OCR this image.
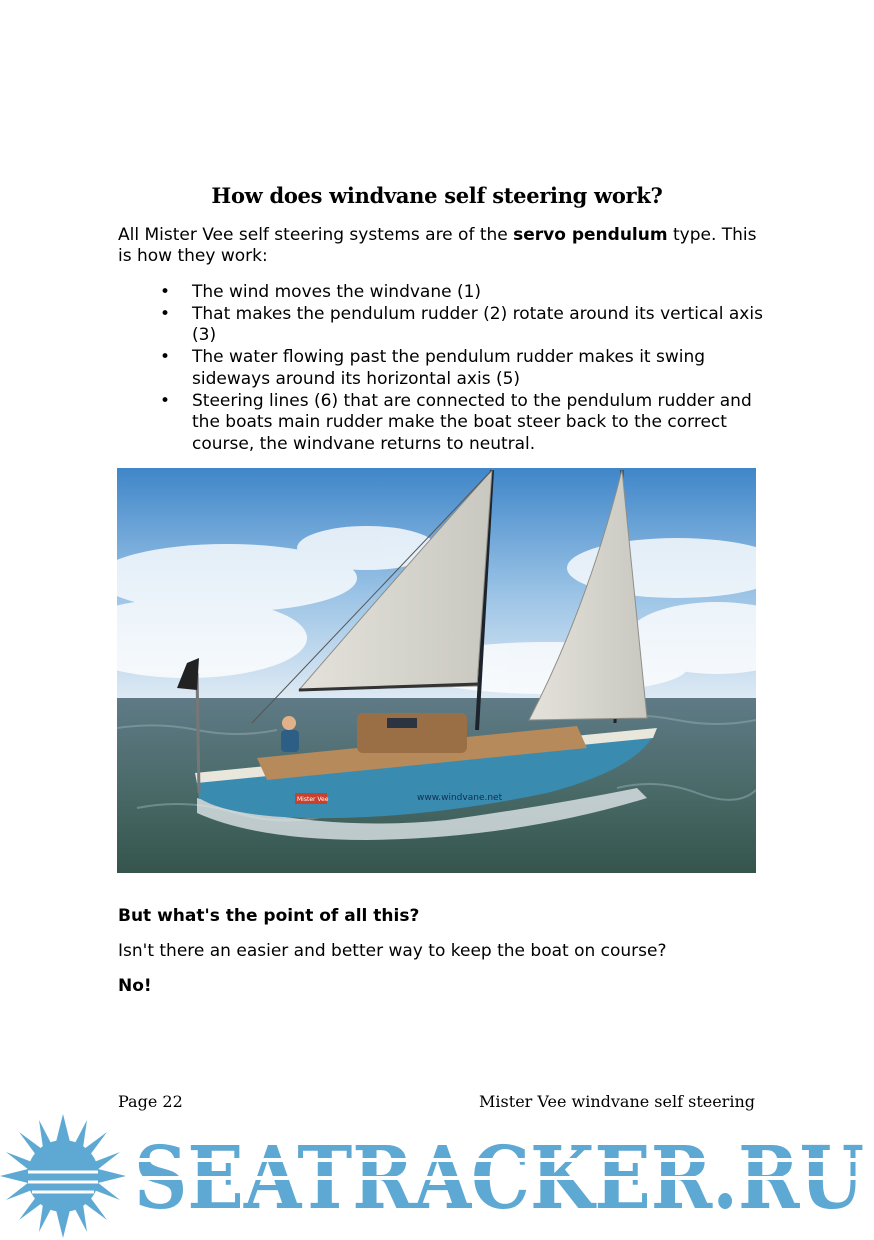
How does windvane self steering work?
All Mister Vee self steering systems are of the servo pendulum type. This is how they work:
• The wind moves the windvane (1)
• That makes the pendulum rudder (2) rotate around its vertical axis (3)
• The water flowing past the pendulum rudder makes it swing sideways around its horizontal axis (5)
• Steering lines (6) that are connected to the pendulum rudder and the boats main rudder make the boat steer back to the correct course, the windvane returns to neutral.
www.windvane.net
Mister Vee
But what's the point of all this?
Isn't there an easier and better way to keep the boat on course?
No!
Page 22	Mister Vee windvane self steering
SEATRACKER.RU
